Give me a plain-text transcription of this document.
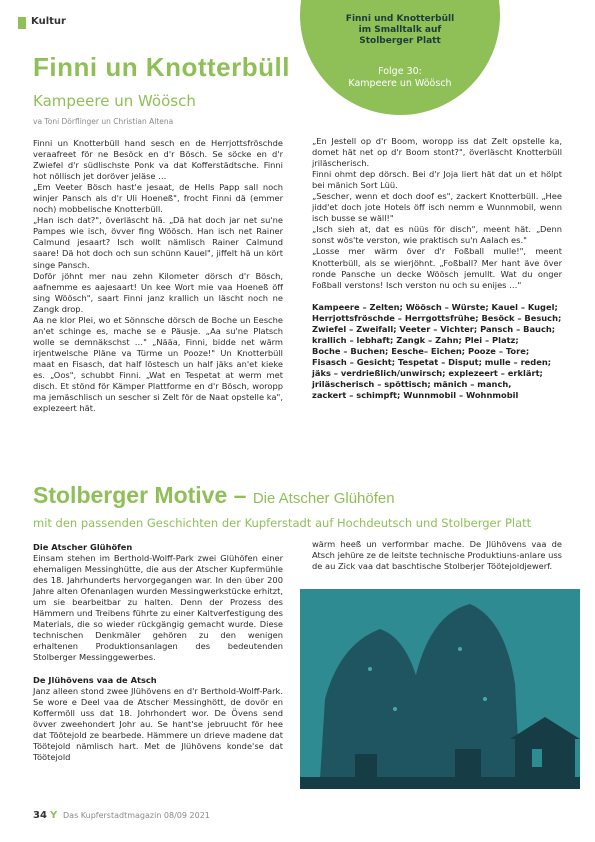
Kultur	Finni und Knotterbüll
im Smalltalk auf
Stolberger Platt
Folge 30:
Kampeere un Wöösch
Finni un Knotterbüll
Kampeere un Wöösch
va Toni Dörflinger un Christian Altena

Finni un Knotterbüll hand sesch en de Herrjottsfröschde veraafreet för ne Besöck en d'r Bösch. Se söcke en d'r Zwiefel d'r südlischste Ponk va dat Kofferstädtsche. Finni hot nöllisch jet doröver jeläse …

„Em Veeter Bösch hast'e jesaat, de Hells Papp sall noch winjer Pansch als d'r Uli Hoeneß", frocht Finni dä (emmer noch) mobbelische Knotterbüll.

„Han isch dat?", överläscht hä. „Dä hat doch jar net su'ne Pampes wie isch, övver fing Wöösch. Han isch net Rainer Calmund jesaart? Isch wollt nämlisch Rainer Calmund saare! Dä hot doch och sun schünn Kauel", jiffelt hä un kört singe Pansch.

Doför jöhnt mer nau zehn Kilometer dörsch d'r Bösch, aafnemme es aajesaart! Un kee Wort mie vaa Hoeneß öff sing Wöösch", saart Finni janz krallich un läscht noch ne Zangk drop.

Aa ne klor Plei, wo et Sönnsche dörsch de Boche un Eesche an'et schinge es, mache se e Päusje. „Aa su'ne Platsch wolle se demnäkschst …" „Nääa, Finni, bidde net wärm irjentwelsche Pläne va Türme un Pooze!" Un Knotterbüll maat en Fisasch, dat half löstesch un half jäks an'et kieke es. „Oos", schubbt Finni. „Wat en Tespetat at werm met disch. Et stönd för Kämper Plattforme en d'r Bösch, woropp ma jemäschlisch un sescher si Zelt för de Naat opstelle ka", explezeert hät.

„En Jestell op d'r Boom, woropp iss dat Zelt opstelle ka, domet hät net op d'r Boom stont?", överläscht Knotterbüll jriläscherisch.

Finni ohmt dep dörsch. Bei d'r Joja liert hät dat un et hölpt bei mänich Sort Lüü.

„Sescher, wenn et doch doof es", zackert Knotterbüll. „Hee jidd'et doch jote Hotels öff isch nemm e Wunnmobil, wenn isch busse se wäll!"

„Isch sieh at, dat es nüüs för disch", meent hät. „Denn sonst wös'te verston, wie praktisch su'n Aalach es."

„Losse mer wärm över d'r Foßball mulle!", meent Knotterbüll, als se wierjöhnt. „Foßball? Mer hant äve över ronde Pansche un decke Wöösch jemullt. Wat du onger Foßball verstons! Isch verston nu och su enijes …"

Kampeere – Zelten; Wöösch – Würste; Kauel – Kugel;
Herrjottsfröschde – Herrgottsfrühe; Besöck – Besuch;
Zwiefel – Zweifall; Veeter – Vichter; Pansch – Bauch;
krallich – lebhaft; Zangk – Zahn; Plei – Platz;
Boche – Buchen; Eesche– Eichen; Pooze – Tore;
Fisasch – Gesicht; Tespetat – Disput; mulle – reden;
jäks – verdrießlich/unwirsch; explezeert – erklärt;
jriläscherisch – spöttisch; mänich – manch,
zackert – schimpft; Wunnmobil – Wohnmobil

Stolberger Motive – Die Atscher Glühöfen
mit den passenden Geschichten der Kupferstadt auf Hochdeutsch und Stolberger Platt

Die Atscher Glühöfen

Einsam stehen im Berthold-Wolff-Park zwei Glühöfen einer ehemaligen Messinghütte, die aus der Atscher Kupfermühle des 18. Jahrhunderts hervorgegangen war. In den über 200 Jahre alten Ofenanlagen wurden Messingwerkstücke erhitzt, um sie bearbeitbar zu halten. Denn der Prozess des Hämmern und Treibens führte zu einer Kaltverfestigung des Materials, die so wieder rückgängig gemacht wurde. Diese technischen Denkmäler gehören zu den wenigen erhaltenen Produktionsanlagen des bedeutenden Stolberger Messinggewerbes.

De Jlühövens vaa de Atsch

Janz alleen stond zwee Jlühövens en d'r Berthold-Wolff-Park. Se wore e Deel vaa de Atscher Messinghött, de dovör en Koffermöll uss dat 18. Johrhondert wor. De Övens send övver zweehondert Johr au. Se hant'se jebruucht för hee dat Töötejold ze bearbede. Hämmere un drieve madene dat Töötejold nämlisch hart. Met de Jlühövens konde'se dat Töötejold

wärm heeß un verformbar mache. De Jlühövens vaa de Atsch jehüre ze de leitste technische Produktiuns-anlare uss de au Zick vaa dat baschtische Stolberjer Töötejoldjewerf.

34 Y Das Kupferstadtmagazin 08/09 2021
